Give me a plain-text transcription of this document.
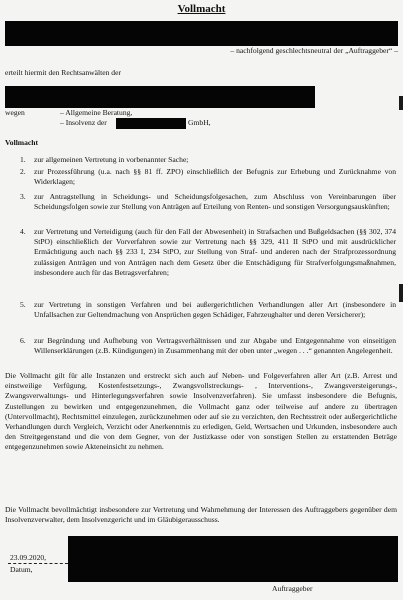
Vollmacht
– nachfolgend geschlechtsneutral der „Auftraggeber“ –
erteilt hiermit den Rechtsanwälten der
wegen	– Allgemeine Beratung,
– Insolvenz der	GmbH,
Vollmacht
1.	zur allgemeinen Vertretung in vorbenannter Sache;
2.	zur Prozessführung (u.a. nach §§ 81 ff. ZPO) einschließlich der Befugnis zur Erhebung und Zurücknahme von Widerklagen;
3.	zur Antragstellung in Scheidungs- und Scheidungsfolgesachen, zum Abschluss von Vereinbarungen über Scheidungsfolgen sowie zur Stellung von Anträgen auf Erteilung von Renten- und sonstigen Versorgungsauskünften;
4.	zur Vertretung und Verteidigung (auch für den Fall der Abwesenheit) in Strafsachen und Bußgeldsachen (§§ 302, 374 StPO) einschließlich der Vorverfahren sowie zur Vertretung nach §§ 329, 411 II StPO und mit ausdrücklicher Ermächtigung auch nach §§ 233 I, 234 StPO, zur Stellung von Straf- und anderen nach der Strafprozessordnung zulässigen Anträgen und von Anträgen nach dem Gesetz über die Entschädigung für Strafverfolgungsmaßnahmen, insbesondere auch für das Betragsverfahren;
5.	zur Vertretung in sonstigen Verfahren und bei außergerichtlichen Verhandlungen aller Art (insbesondere in Unfallsachen zur Geltendmachung von Ansprüchen gegen Schädiger, Fahrzeughalter und deren Versicherer);
6.	zur Begründung und Aufhebung von Vertragsverhältnissen und zur Abgabe und Entgegennahme von einseitigen Willenserklärungen (z.B. Kündigungen) in Zusammenhang mit der oben unter „wegen . . .“ genannten Angelegenheit.
Die Vollmacht gilt für alle Instanzen und erstreckt sich auch auf Neben- und Folgeverfahren aller Art (z.B. Arrest und einstweilige Verfügung, Kostenfestsetzungs-, Zwangsvollstreckungs- , Interventions-, Zwangsversteigerungs-, Zwangsverwaltungs- und Hinterlegungsverfahren sowie Insolvenzverfahren). Sie umfasst insbesondere die Befugnis, Zustellungen zu bewirken und entgegenzunehmen, die Vollmacht ganz oder teilweise auf andere zu übertragen (Untervollmacht), Rechtsmittel einzulegen, zurückzunehmen oder auf sie zu verzichten, den Rechtsstreit oder außergerichtliche Verhandlungen durch Vergleich, Verzicht oder Anerkenntnis zu erledigen, Geld, Wertsachen und Urkunden, insbesondere auch den Streitgegenstand und die von dem Gegner, von der Justizkasse oder von sonstigen Stellen zu erstattenden Beträge entgegenzunehmen sowie Akteneinsicht zu nehmen.
Die Vollmacht bevollmächtigt insbesondere zur Vertretung und Wahrnehmung der Interessen des Auftraggebers gegenüber dem Insolvenzverwalter, dem Insolvenzgericht und im Gläubigerausschuss.
23.09.2020,
Datum,
Auftraggeber
